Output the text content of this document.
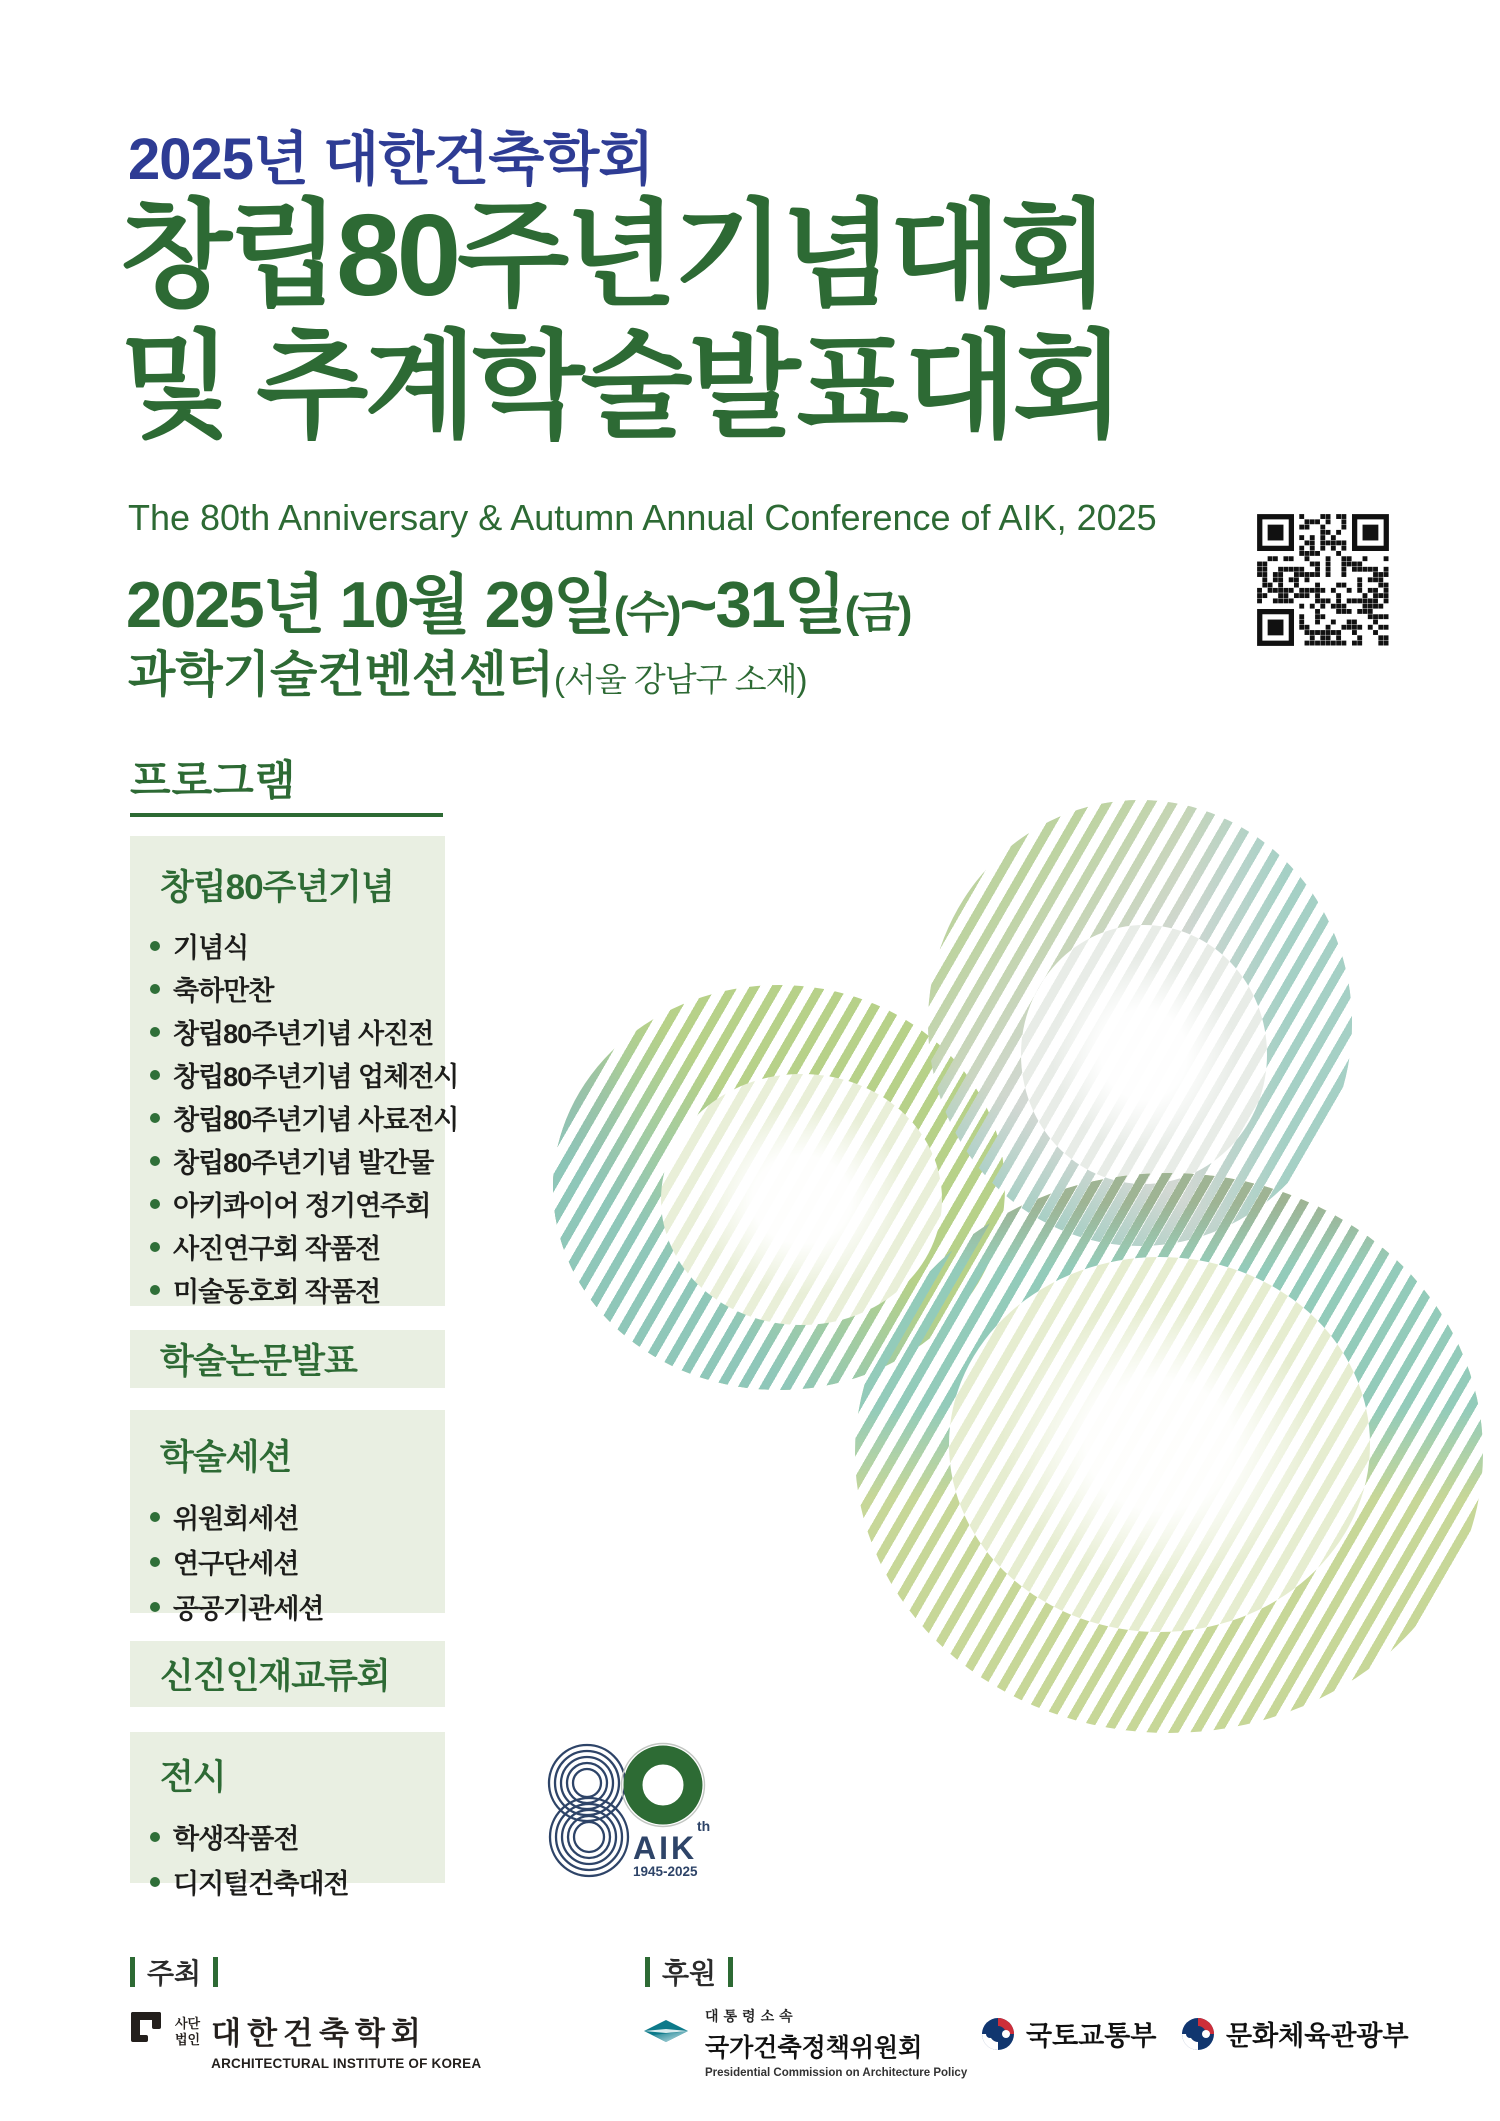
2025년 대한건축학회
창립80주년기념대회
및 추계학술발표대회
The 80th Anniversary & Autumn Annual Conference of AIK, 2025
2025년 10월 29일(수)~31일(금)
과학기술컨벤션센터(서울 강남구 소재)
프로그램
창립80주년기념
기념식
축하만찬
창립80주년기념 사진전
창립80주년기념 업체전시
창립80주년기념 사료전시
창립80주년기념 발간물
아키콰이어 정기연주회
사진연구회 작품전
미술동호회 작품전
학술논문발표
학술세션
위원회세션
연구단세션
공공기관세션
신진인재교류회
전시
학생작품전
디지털건축대전
th
AIK
1945-2025
주최
사단
법인 대한건축학회
ARCHITECTURAL INSTITUTE OF KOREA
후원
대통령소속
국가건축정책위원회
Presidential Commission on Architecture Policy
국토교통부	문화체육관광부
